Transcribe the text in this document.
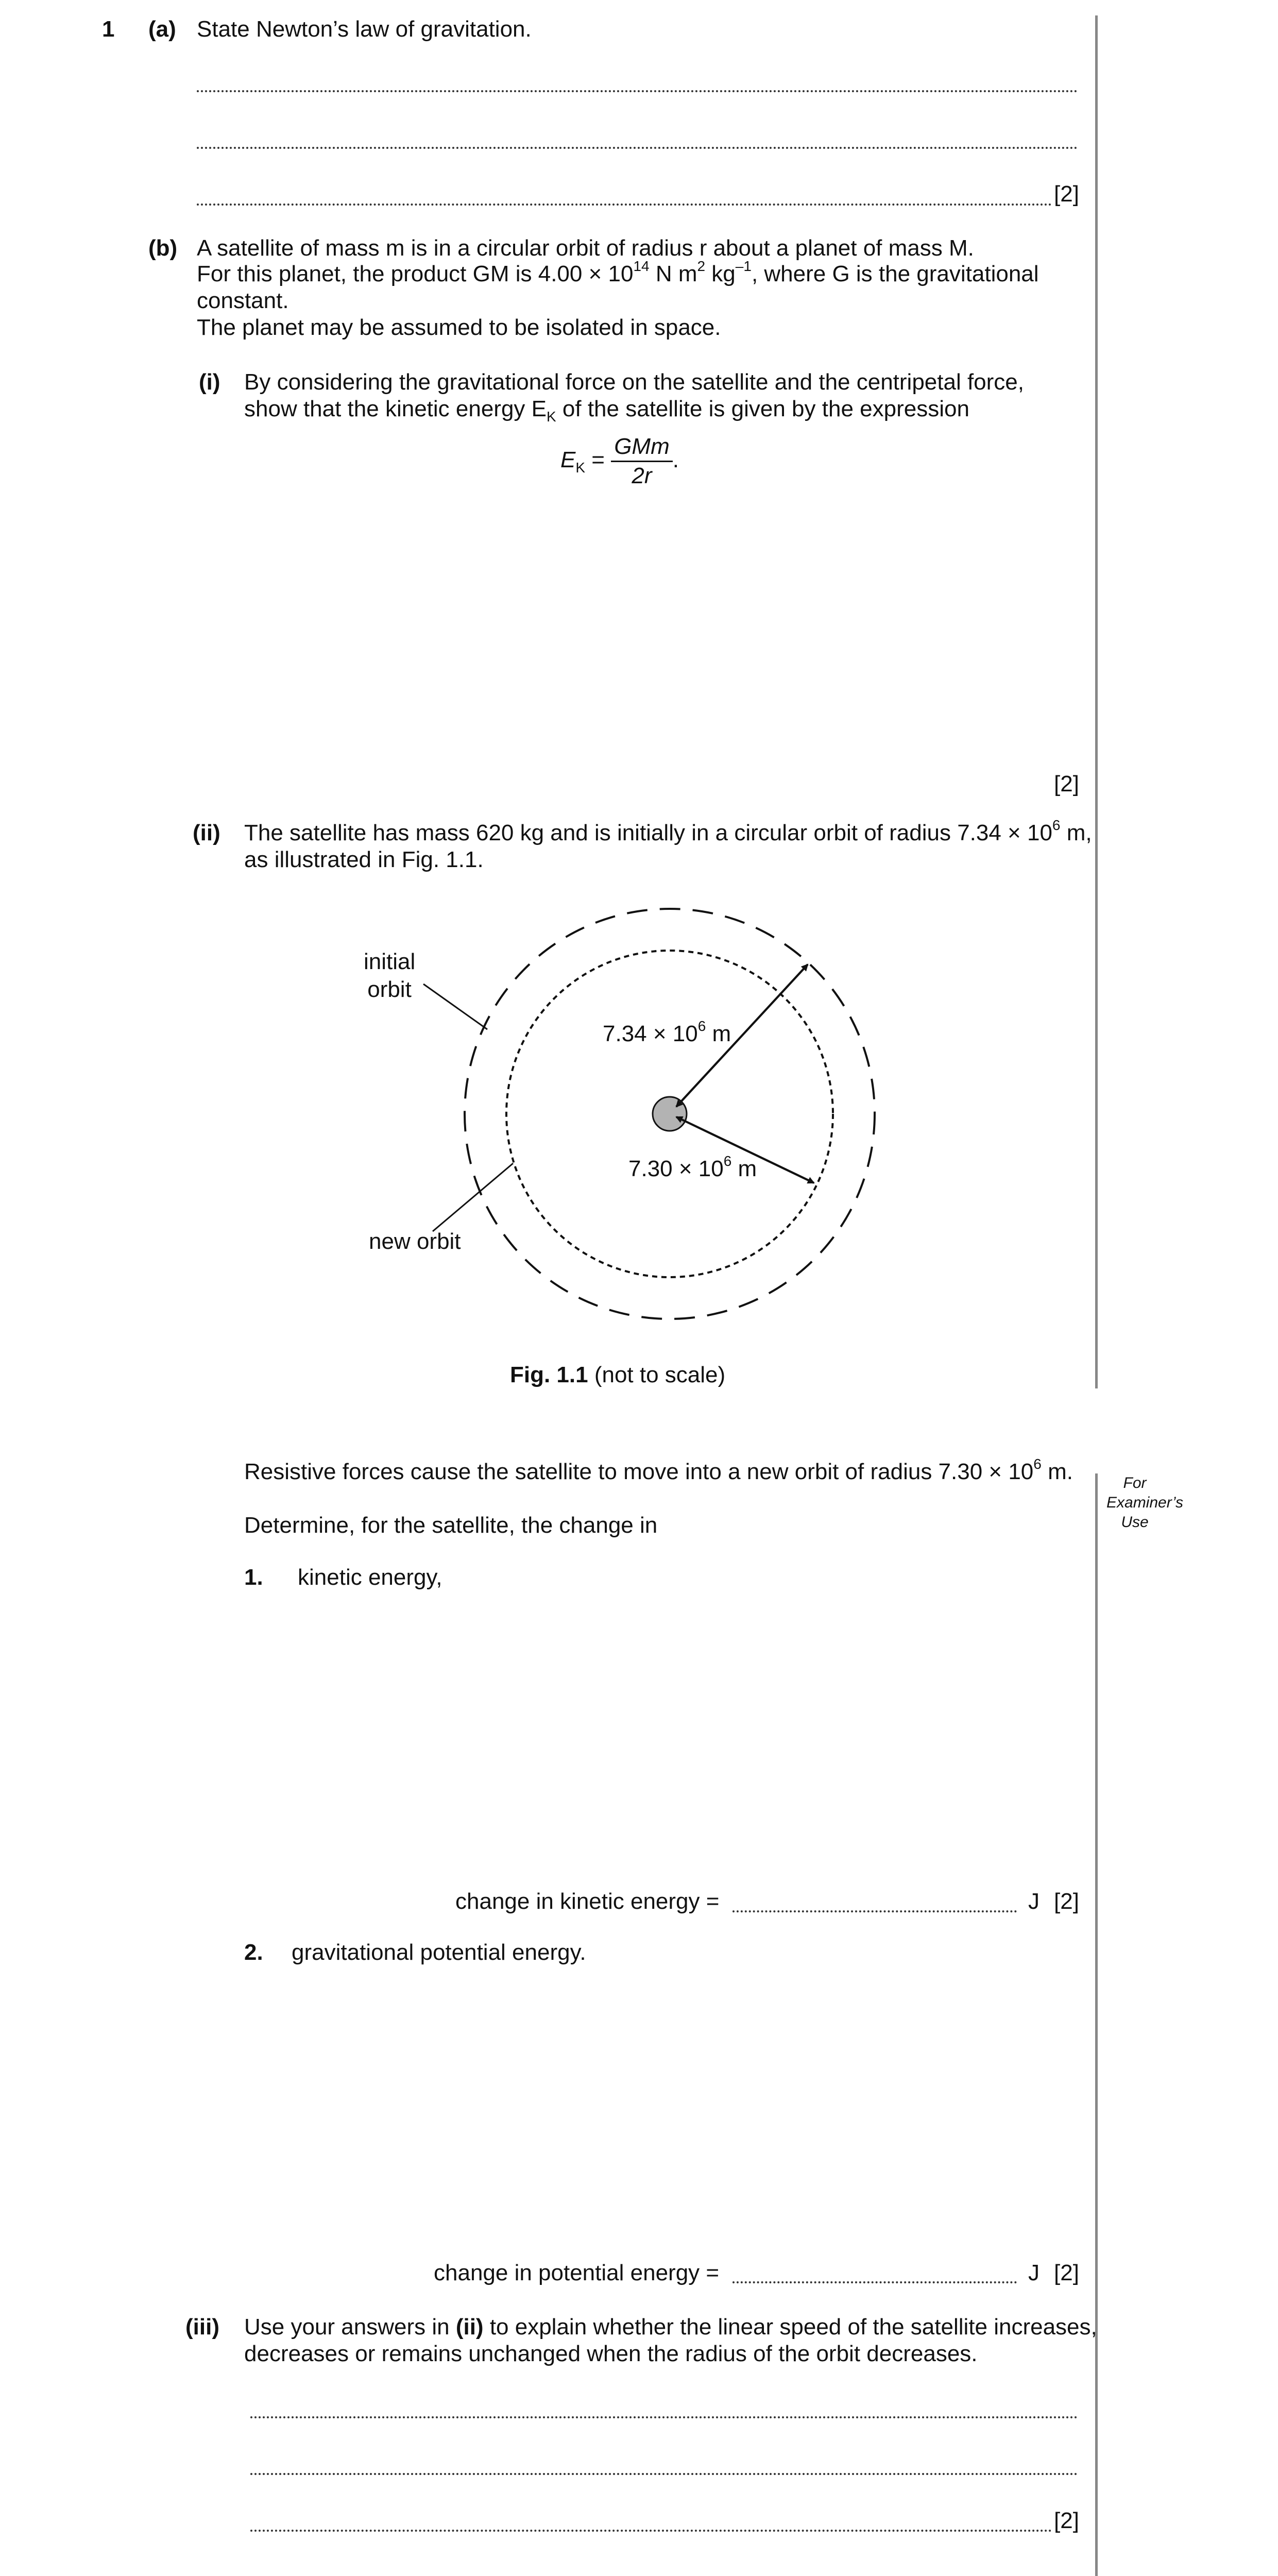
For
Examiner’s
Use
1 (a) State Newton’s law of gravitation.
[2]
(b) A satellite of mass m is in a circular orbit of radius r about a planet of mass M.
For this planet, the product GM is $4.00 \times 10^{14}$ N $m^2$ $kg^{-1}$, where G is the gravitational
constant.
The planet may be assumed to be isolated in space.
(i) By considering the gravitational force on the satellite and the centripetal force,
show that the kinetic energy $E_K$ of the satellite is given by the expression
$E_K = \frac{\text{GMm}}{2r}$ .
[2]
(ii) The satellite has mass 620 kg and is initially in a circular orbit of radius $7.34 \times 10^6$ m,
as illustrated in Fig. 1.1.
initial
orbit
new orbit
$7.34 \times 10^6$ m
$7.30 \times 10^6$ m
Fig. 1.1 (not to scale)
Resistive forces cause the satellite to move into a new orbit of radius $7.30 \times 10^6$ m.
Determine, for the satellite, the change in
1. kinetic energy,
change in kinetic energy =	J [2]
2. gravitational potential energy.
change in potential energy =	J [2]
(iii) Use your answers in (ii) to explain whether the linear speed of the satellite increases,
decreases or remains unchanged when the radius of the orbit decreases.
[2]
